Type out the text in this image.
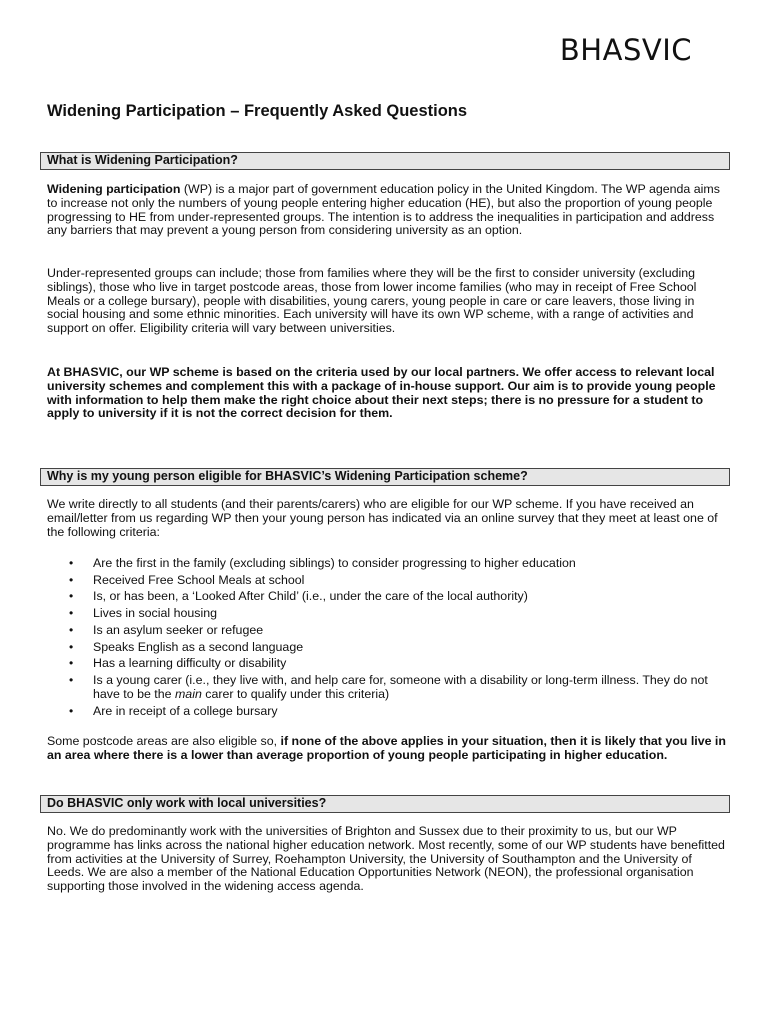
BHASVIC
Widening Participation – Frequently Asked Questions
What is Widening Participation?

Widening participation (WP) is a major part of government education policy in the United Kingdom. The WP agenda aims to increase not only the numbers of young people entering higher education (HE), but also the proportion of young people progressing to HE from under-represented groups. The intention is to address the inequalities in participation and address any barriers that may prevent a young person from considering university as an option.

Under-represented groups can include; those from families where they will be the first to consider university (excluding siblings), those who live in target postcode areas, those from lower income families (who may in receipt of Free School Meals or a college bursary), people with disabilities, young carers, young people in care or care leavers, those living in social housing and some ethnic minorities. Each university will have its own WP scheme, with a range of activities and support on offer. Eligibility criteria will vary between universities.

At BHASVIC, our WP scheme is based on the criteria used by our local partners. We offer access to relevant local university schemes and complement this with a package of in-house support. Our aim is to provide young people with information to help them make the right choice about their next steps; there is no pressure for a student to apply to university if it is not the correct decision for them.

Why is my young person eligible for BHASVIC’s Widening Participation scheme?

We write directly to all students (and their parents/carers) who are eligible for our WP scheme. If you have received an email/letter from us regarding WP then your young person has indicated via an online survey that they meet at least one of the following criteria:

• Are the first in the family (excluding siblings) to consider progressing to higher education
• Received Free School Meals at school
• Is, or has been, a ‘Looked After Child’ (i.e., under the care of the local authority)
• Lives in social housing
• Is an asylum seeker or refugee
• Speaks English as a second language
• Has a learning difficulty or disability
• Is a young carer (i.e., they live with, and help care for, someone with a disability or long-term illness. They do not have to be the main carer to qualify under this criteria)
• Are in receipt of a college bursary

Some postcode areas are also eligible so, if none of the above applies in your situation, then it is likely that you live in an area where there is a lower than average proportion of young people participating in higher education.

Do BHASVIC only work with local universities?

No. We do predominantly work with the universities of Brighton and Sussex due to their proximity to us, but our WP programme has links across the national higher education network. Most recently, some of our WP students have benefitted from activities at the University of Surrey, Roehampton University, the University of Southampton and the University of Leeds. We are also a member of the National Education Opportunities Network (NEON), the professional organisation supporting those involved in the widening access agenda.
